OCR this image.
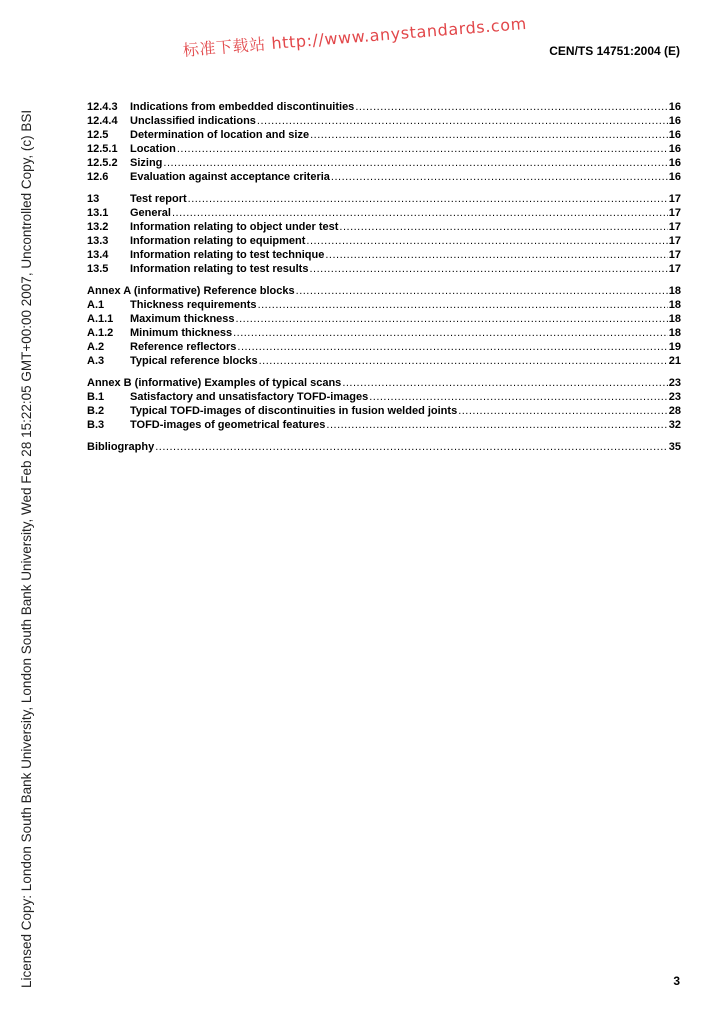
标准下载站 http://www.anystandards.com CEN/TS 14751:2004 (E)
Licensed Copy: London South Bank University, London South Bank University, Wed Feb 28 15:22:05 GMT+00:00 2007, Uncontrolled Copy, (c) BSI
12.4.3	Indications from embedded discontinuities .....	16
12.4.4	Unclassified indications .....	16
12.5	Determination of location and size .....	16
12.5.1	Location .....	16
12.5.2	Sizing .....	16
12.6	Evaluation against acceptance criteria .....	16
13	Test report .....	17
13.1	General .....	17
13.2	Information relating to object under test .....	17
13.3	Information relating to equipment .....	17
13.4	Information relating to test technique .....	17
13.5	Information relating to test results .....	17
Annex A (informative) Reference blocks .....	18
A.1	Thickness requirements .....	18
A.1.1	Maximum thickness .....	18
A.1.2	Minimum thickness .....	18
A.2	Reference reflectors .....	19
A.3	Typical reference blocks .....	21
Annex B (informative) Examples of typical scans .....	23
B.1	Satisfactory and unsatisfactory TOFD-images .....	23
B.2	Typical TOFD-images of discontinuities in fusion welded joints .....	28
B.3	TOFD-images of geometrical features .....	32
Bibliography .....	35
3
